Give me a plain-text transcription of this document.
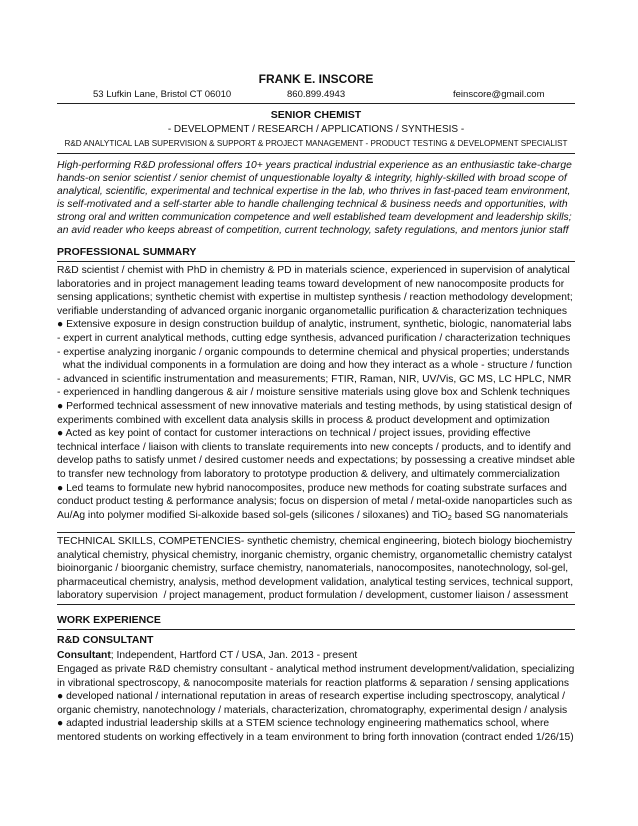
FRANK E. INSCORE
53 Lufkin Lane, Bristol CT 06010	860.899.4943	feinscore@gmail.com
SENIOR CHEMIST
- DEVELOPMENT / RESEARCH / APPLICATIONS / SYNTHESIS -
R&D ANALYTICAL LAB SUPERVISION & SUPPORT & PROJECT MANAGEMENT - PRODUCT TESTING & DEVELOPMENT SPECIALIST
High-performing R&D professional offers 10+ years practical industrial experience as an enthusiastic take-charge
hands-on senior scientist / senior chemist of unquestionable loyalty & integrity, highly-skilled with broad scope of
analytical, scientific, experimental and technical expertise in the lab, who thrives in fast-paced team environment,
is self-motivated and a self-starter able to handle challenging technical & business needs and opportunities, with
strong oral and written communication competence and well established team development and leadership skills;
an avid reader who keeps abreast of competition, current technology, safety regulations, and mentors junior staff
PROFESSIONAL SUMMARY
R&D scientist / chemist with PhD in chemistry & PD in materials science, experienced in supervision of analytical
laboratories and in project management leading teams toward development of new nanocomposite products for
sensing applications; synthetic chemist with expertise in multistep synthesis / reaction methodology development;
verifiable understanding of advanced organic inorganic organometallic purification & characterization techniques
● Extensive exposure in design construction buildup of analytic, instrument, synthetic, biologic, nanomaterial labs
- expert in current analytical methods, cutting edge synthesis, advanced purification / characterization techniques
- expertise analyzing inorganic / organic compounds to determine chemical and physical properties; understands
what the individual components in a formulation are doing and how they interact as a whole - structure / function
- advanced in scientific instrumentation and measurements; FTIR, Raman, NIR, UV/Vis, GC MS, LC HPLC, NMR
- experienced in handling dangerous & air / moisture sensitive materials using glove box and Schlenk techniques
● Performed technical assessment of new innovative materials and testing methods, by using statistical design of
experiments combined with excellent data analysis skills in process & product development and optimization
● Acted as key point of contact for customer interactions on technical / project issues, providing effective
technical interface / liaison with clients to translate requirements into new concepts / products, and to identify and
develop paths to satisfy unmet / desired customer needs and expectations; by possessing a creative mindset able
to transfer new technology from laboratory to prototype production & delivery, and ultimately commercialization
● Led teams to formulate new hybrid nanocomposites, produce new methods for coating substrate surfaces and
conduct product testing & performance analysis; focus on dispersion of metal / metal-oxide nanoparticles such as
Au/Ag into polymer modified Si-alkoxide based sol-gels (silicones / siloxanes) and TiO$_2$ based SG nanomaterials
TECHNICAL SKILLS, COMPETENCIES- synthetic chemistry, chemical engineering, biotech biology biochemistry
analytical chemistry, physical chemistry, inorganic chemistry, organic chemistry, organometallic chemistry catalyst
bioinorganic / bioorganic chemistry, surface chemistry, nanomaterials, nanocomposites, nanotechnology, sol-gel,
pharmaceutical chemistry, analysis, method development validation, analytical testing services, technical support,
laboratory supervision  / project management, product formulation / development, customer liaison / assessment
WORK EXPERIENCE
R&D CONSULTANT
Consultant; Independent, Hartford CT / USA, Jan. 2013 - present
Engaged as private R&D chemistry consultant - analytical method instrument development/validation, specializing
in vibrational spectroscopy, & nanocomposite materials for reaction platforms & separation / sensing applications
● developed national / international reputation in areas of research expertise including spectroscopy, analytical /
organic chemistry, nanotechnology / materials, characterization, chromatography, experimental design / analysis
● adapted industrial leadership skills at a STEM science technology engineering mathematics school, where
mentored students on working effectively in a team environment to bring forth innovation (contract ended 1/26/15)
